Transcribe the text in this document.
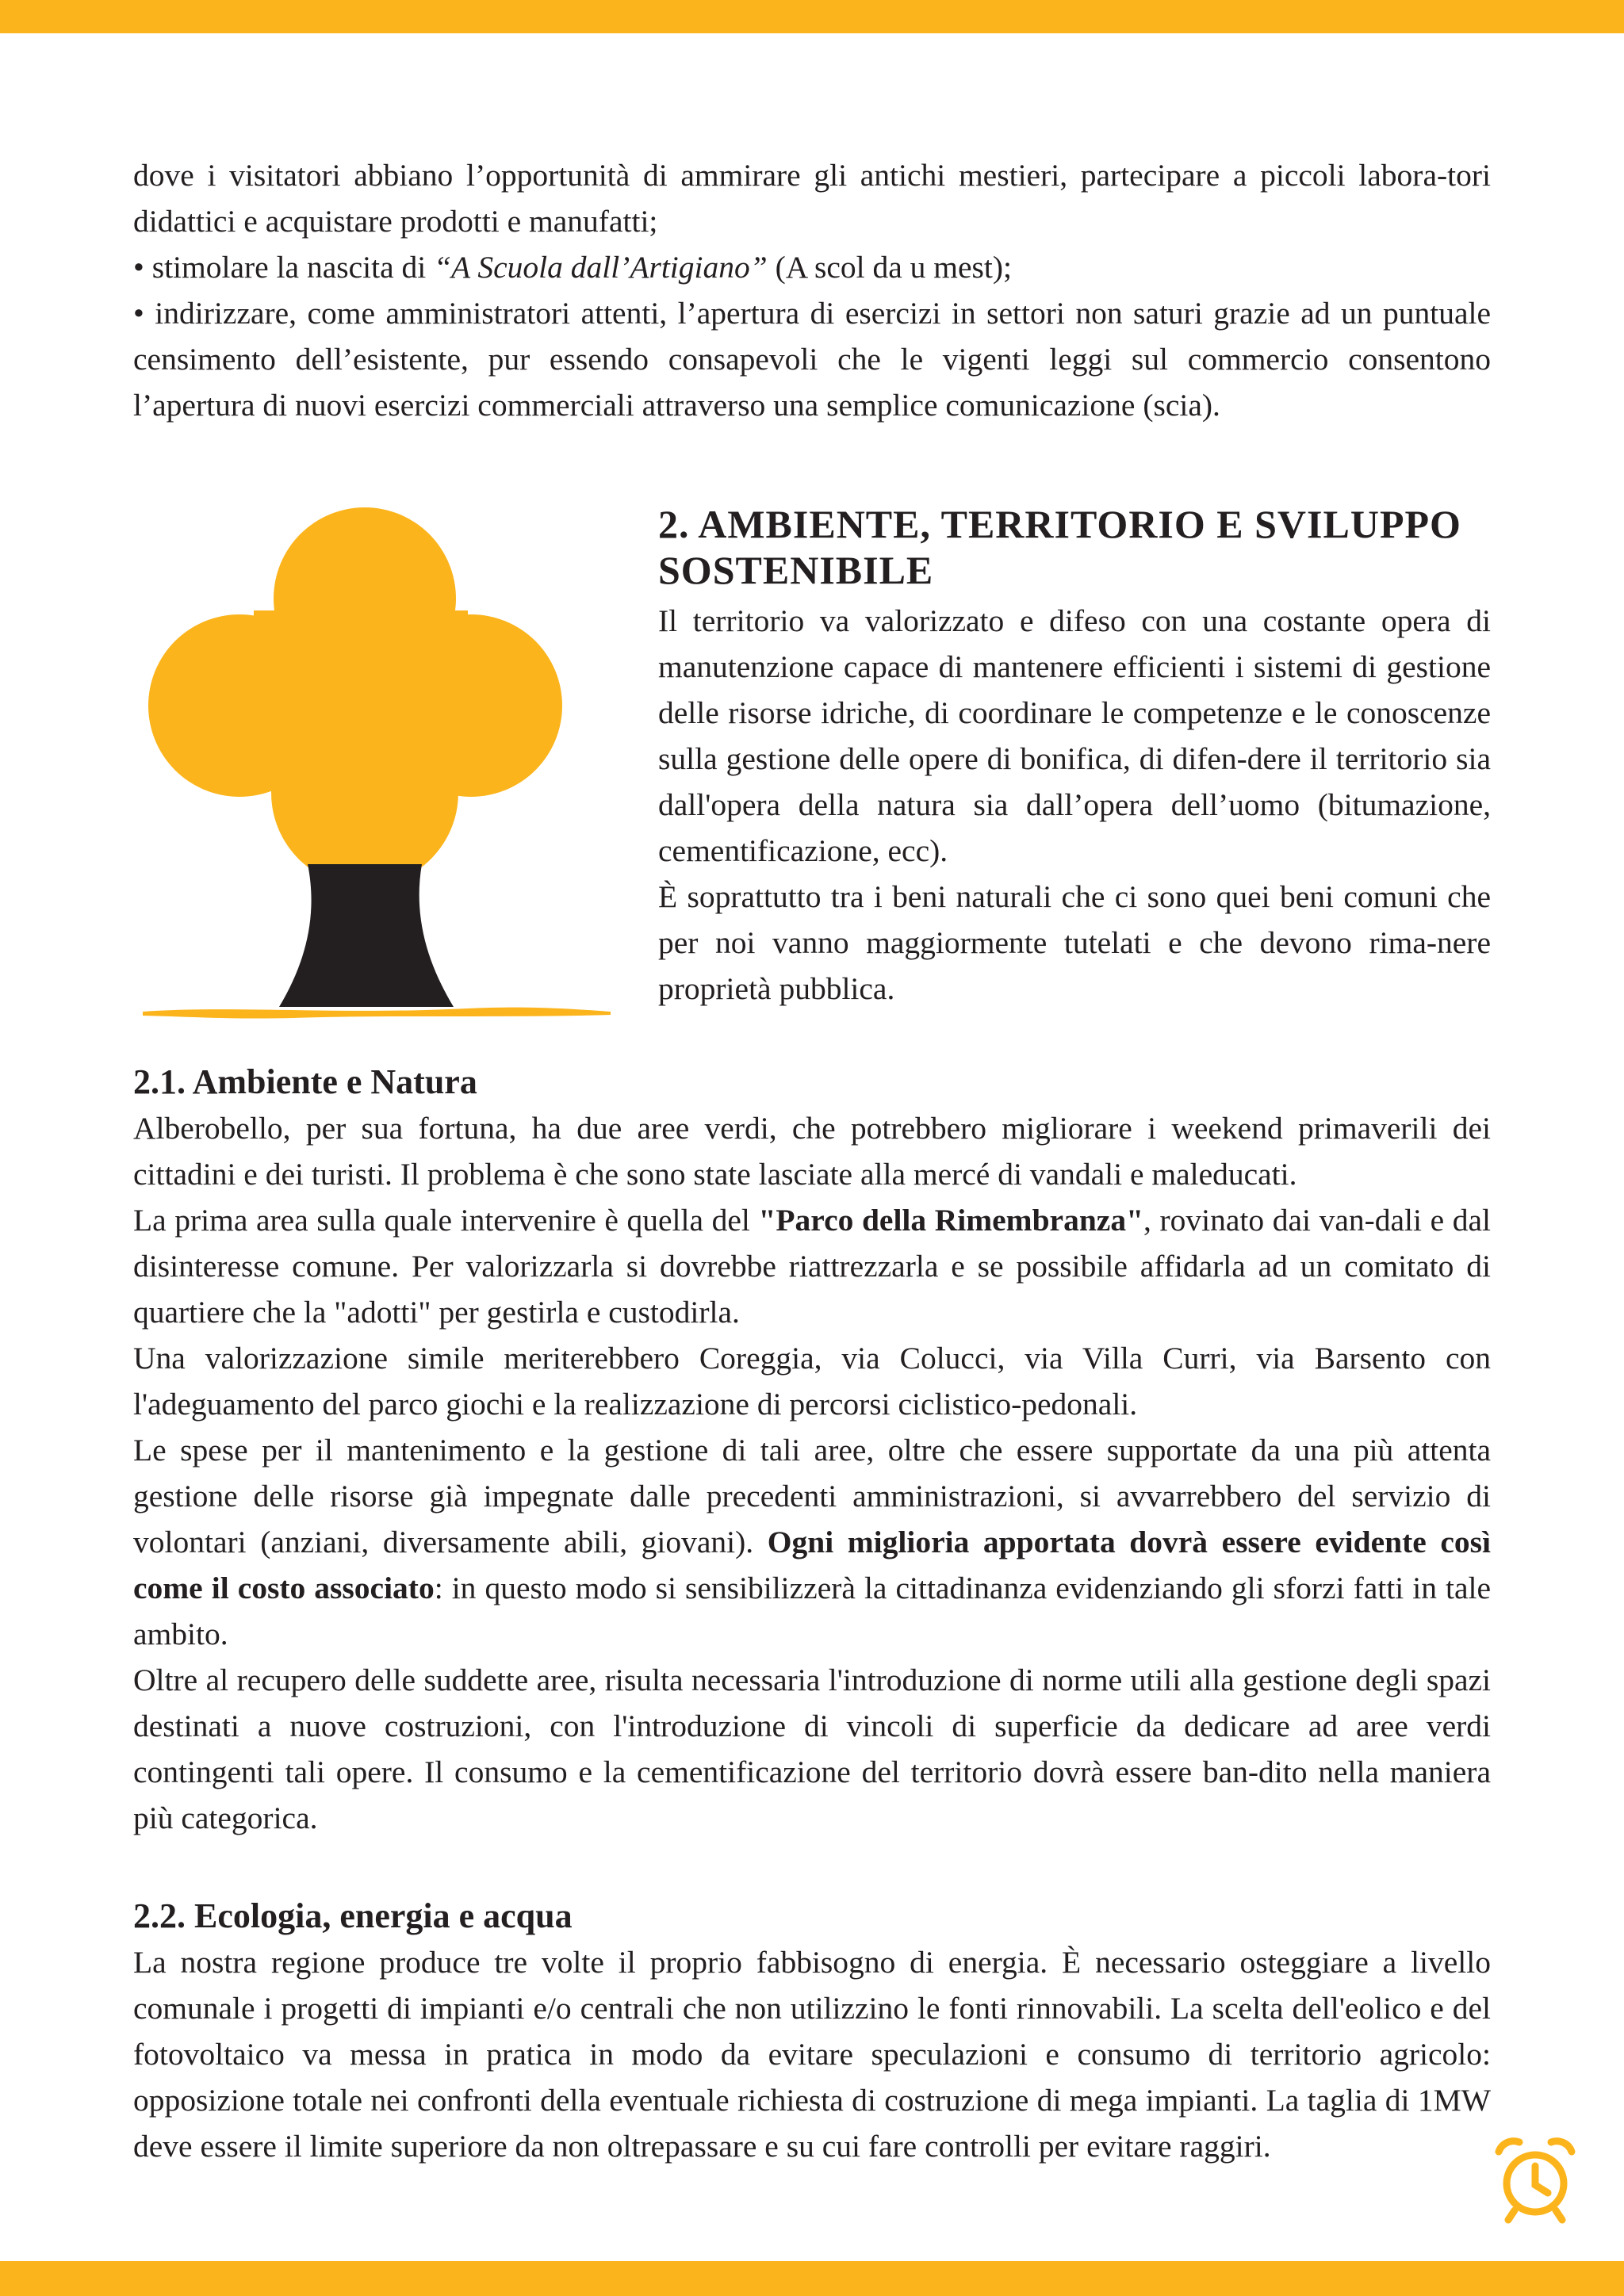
dove i visitatori abbiano l’opportunità di ammirare gli antichi mestieri, partecipare a piccoli labora-tori didattici e acquistare prodotti e manufatti;

• stimolare la nascita di “A Scuola dall’Artigiano” (A scol da u mest);

• indirizzare, come amministratori attenti, l’apertura di esercizi in settori non saturi grazie ad un puntuale censimento dell’esistente, pur essendo consapevoli che le vigenti leggi sul commercio consentono l’apertura di nuovi esercizi commerciali attraverso una semplice comunicazione (scia).

2. AMBIENTE, TERRITORIO E SVILUPPO
SOSTENIBILE

Il territorio va valorizzato e difeso con una costante opera di manutenzione capace di mantenere efficienti i sistemi di gestione delle risorse idriche, di coordinare le competenze e le conoscenze sulla gestione delle opere di bonifica, di difen-dere il territorio sia dall'opera della natura sia dall’opera dell’uomo (bitumazione, cementificazione, ecc).

È soprattutto tra i beni naturali che ci sono quei beni comuni che per noi vanno maggiormente tutelati e che devono rima-nere proprietà pubblica.

2.1. Ambiente e Natura

Alberobello, per sua fortuna, ha due aree verdi, che potrebbero migliorare i weekend primaverili dei cittadini e dei turisti. Il problema è che sono state lasciate alla mercé di vandali e maleducati.

La prima area sulla quale intervenire è quella del "Parco della Rimembranza", rovinato dai van-dali e dal disinteresse comune. Per valorizzarla si dovrebbe riattrezzarla e se possibile affidarla ad un comitato di quartiere che la "adotti" per gestirla e custodirla.

Una valorizzazione simile meriterebbero Coreggia, via Colucci, via Villa Curri, via Barsento con l'adeguamento del parco giochi e la realizzazione di percorsi ciclistico-pedonali.

Le spese per il mantenimento e la gestione di tali aree, oltre che essere supportate da una più attenta gestione delle risorse già impegnate dalle precedenti amministrazioni, si avvarrebbero del servizio di volontari (anziani, diversamente abili, giovani). Ogni miglioria apportata dovrà essere evidente così come il costo associato: in questo modo si sensibilizzerà la cittadinanza evidenziando gli sforzi fatti in tale ambito.

Oltre al recupero delle suddette aree, risulta necessaria l'introduzione di norme utili alla gestione degli spazi destinati a nuove costruzioni, con l'introduzione di vincoli di superficie da dedicare ad aree verdi contingenti tali opere. Il consumo e la cementificazione del territorio dovrà essere ban-dito nella maniera più categorica.

2.2. Ecologia, energia e acqua

La nostra regione produce tre volte il proprio fabbisogno di energia. È necessario osteggiare a livello comunale i progetti di impianti e/o centrali che non utilizzino le fonti rinnovabili. La scelta dell'eolico e del fotovoltaico va messa in pratica in modo da evitare speculazioni e consumo di territorio agricolo: opposizione totale nei confronti della eventuale richiesta di costruzione di mega impianti. La taglia di 1MW deve essere il limite superiore da non oltrepassare e su cui fare controlli per evitare raggiri.
